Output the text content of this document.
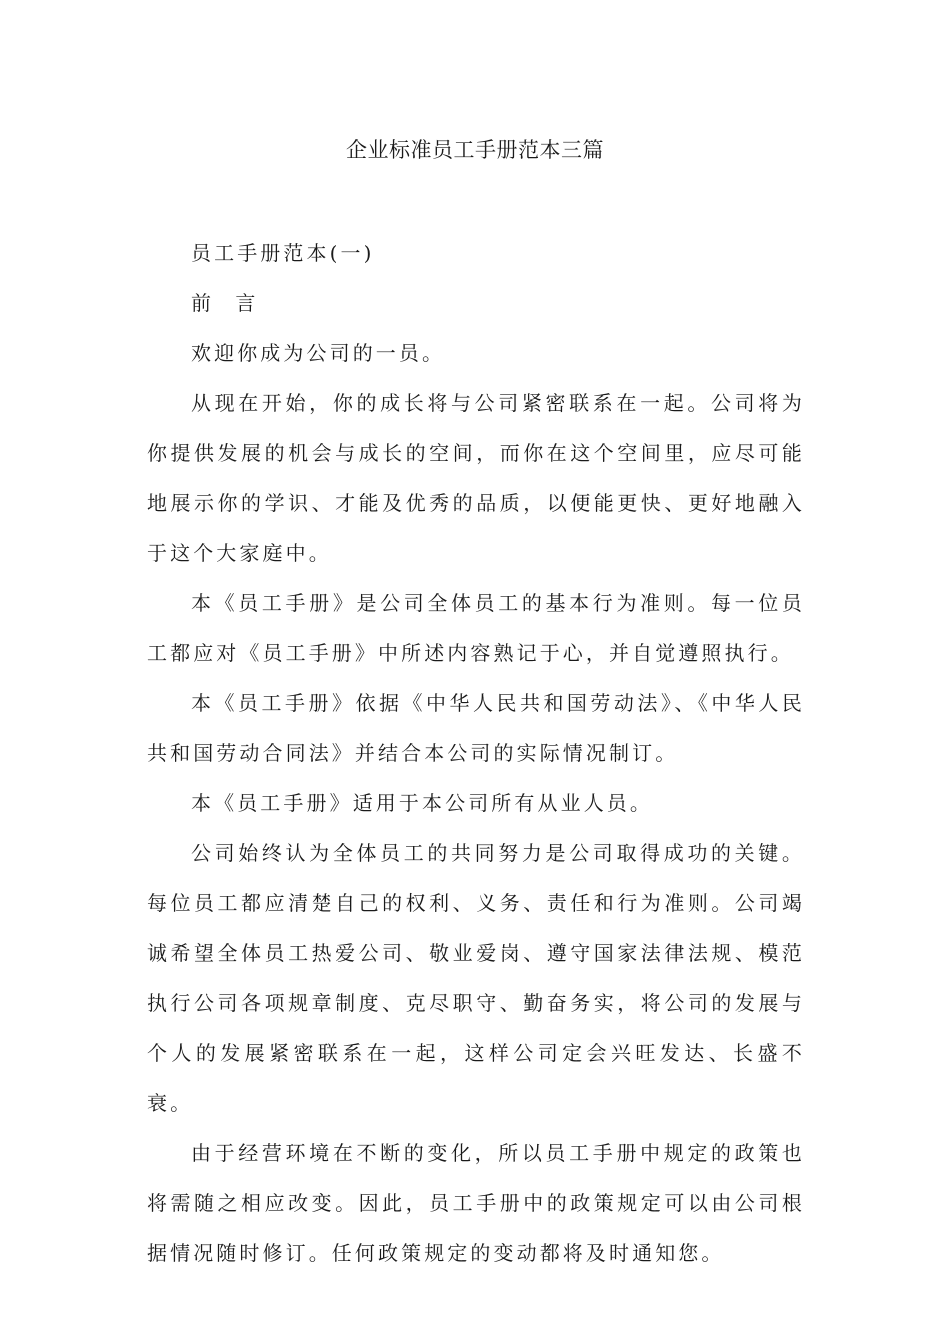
企业标准员工手册范本三篇

员工手册范本(一)

前 言

欢迎你成为公司的一员。

从现在开始，你的成长将与公司紧密联系在一起。公司将为你提供发展的机会与成长的空间，而你在这个空间里，应尽可能地展示你的学识、才能及优秀的品质，以便能更快、更好地融入于这个大家庭中。

本《员工手册》是公司全体员工的基本行为准则。每一位员工都应对《员工手册》中所述内容熟记于心，并自觉遵照执行。

本《员工手册》依据《中华人民共和国劳动法》、《中华人民共和国劳动合同法》并结合本公司的实际情况制订。

本《员工手册》适用于本公司所有从业人员。

公司始终认为全体员工的共同努力是公司取得成功的关键。每位员工都应清楚自己的权利、义务、责任和行为准则。公司竭诚希望全体员工热爱公司、敬业爱岗、遵守国家法律法规、模范执行公司各项规章制度、克尽职守、勤奋务实，将公司的发展与个人的发展紧密联系在一起，这样公司定会兴旺发达、长盛不衰。

由于经营环境在不断的变化，所以员工手册中规定的政策也将需随之相应改变。因此，员工手册中的政策规定可以由公司根据情况随时修订。任何政策规定的变动都将及时通知您。
